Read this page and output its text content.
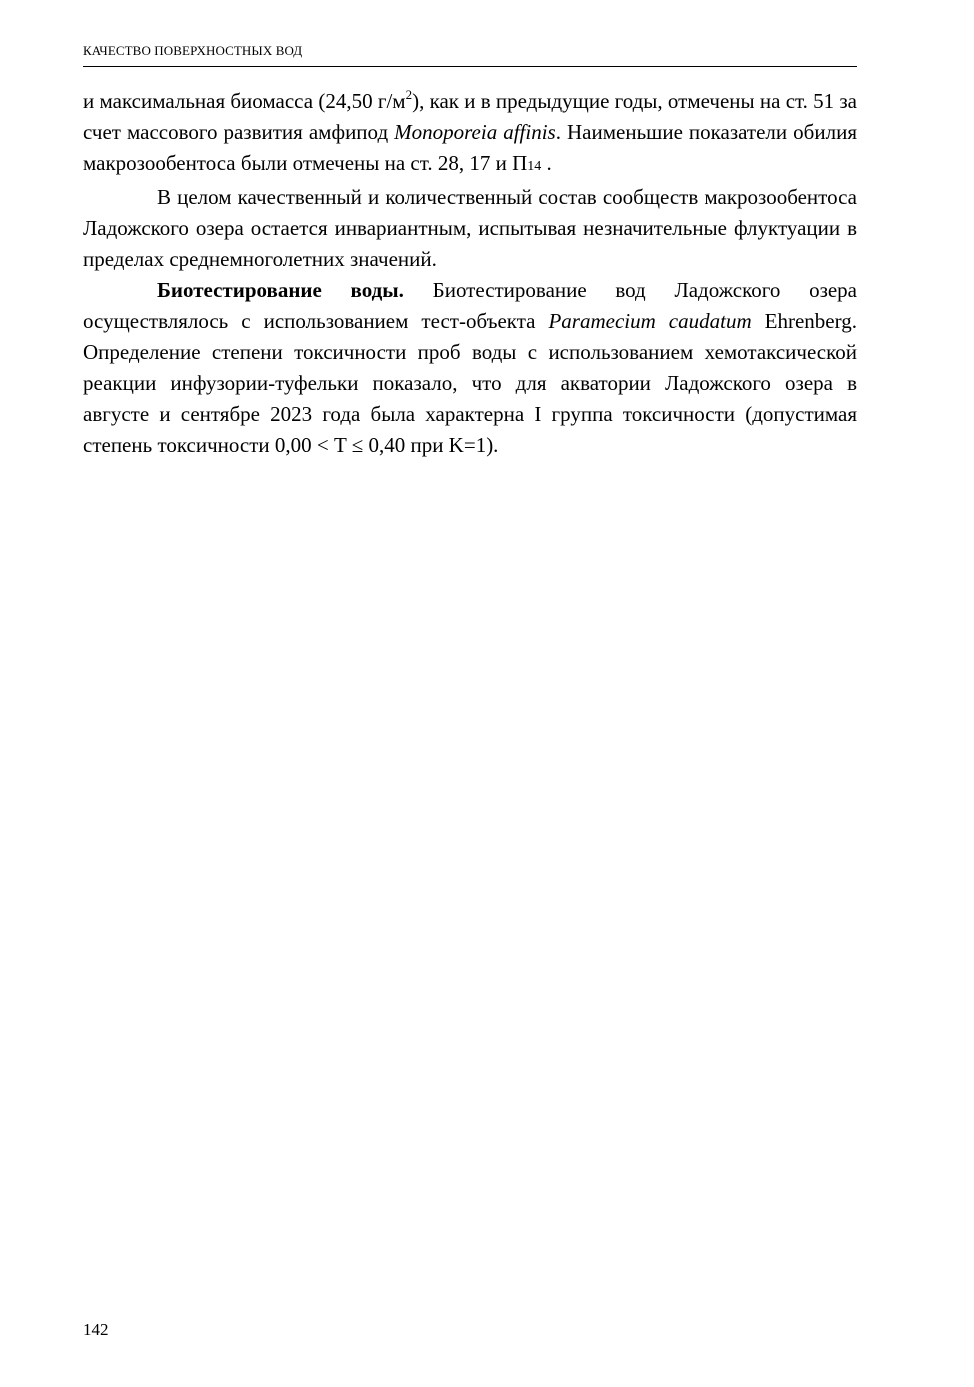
КАЧЕСТВО ПОВЕРХНОСТНЫХ ВОД

и максимальная биомасса (24,50 $г/м^2$), как и в предыдущие годы, отмечены на ст. 51 за счет массового развития амфипод Monoporeia affinis. Наименьшие показатели обилия макрозообентоса были отмечены на ст. 28, 17 и П14 .

В целом качественный и количественный состав сообществ макрозообентоса Ладожского озера остается инвариантным, испытывая незначительные флуктуации в пределах среднемноголетних значений.

Биотестирование воды. Биотестирование вод Ладожского озера осуществлялось с использованием тест-объекта Paramecium caudatum Ehrenberg. Определение степени токсичности проб воды с использованием хемотаксической реакции инфузории-туфельки показало, что для акватории Ладожского озера в августе и сентябре 2023 года была характерна I группа токсичности (допустимая степень токсичности 0,00 < T ≤ 0,40 при K=1).

142
